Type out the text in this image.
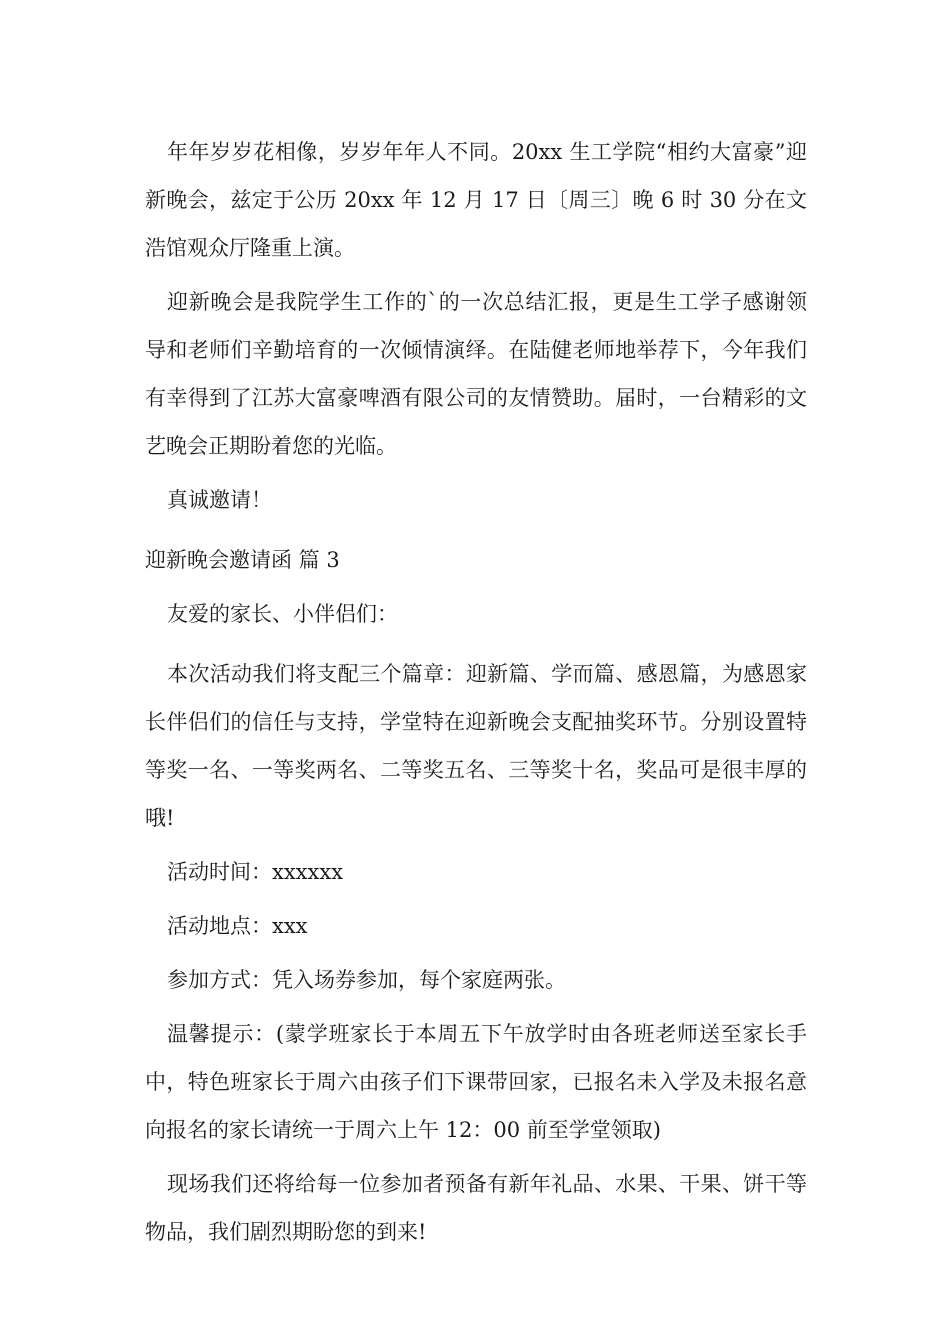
年年岁岁花相像，岁岁年年人不同。20xx 生工学院“相约大富豪”迎新晚会，兹定于公历 20xx 年 12 月 17 日〔周三〕晚 6 时 30 分在文浩馆观众厅隆重上演。

迎新晚会是我院学生工作的`的一次总结汇报，更是生工学子感谢领导和老师们辛勤培育的一次倾情演绎。在陆健老师地举荐下，今年我们有幸得到了江苏大富豪啤酒有限公司的友情赞助。届时，一台精彩的文艺晚会正期盼着您的光临。

真诚邀请！

迎新晚会邀请函 篇 3

友爱的家长、小伴侣们：

本次活动我们将支配三个篇章：迎新篇、学而篇、感恩篇，为感恩家长伴侣们的信任与支持，学堂特在迎新晚会支配抽奖环节。分别设置特等奖一名、一等奖两名、二等奖五名、三等奖十名，奖品可是很丰厚的哦!

活动时间：xxxxxx

活动地点：xxx

参加方式：凭入场券参加，每个家庭两张。

温馨提示：(蒙学班家长于本周五下午放学时由各班老师送至家长手中，特色班家长于周六由孩子们下课带回家，已报名未入学及未报名意向报名的家长请统一于周六上午 12：00 前至学堂领取)

现场我们还将给每一位参加者预备有新年礼品、水果、干果、饼干等物品，我们剧烈期盼您的到来!
